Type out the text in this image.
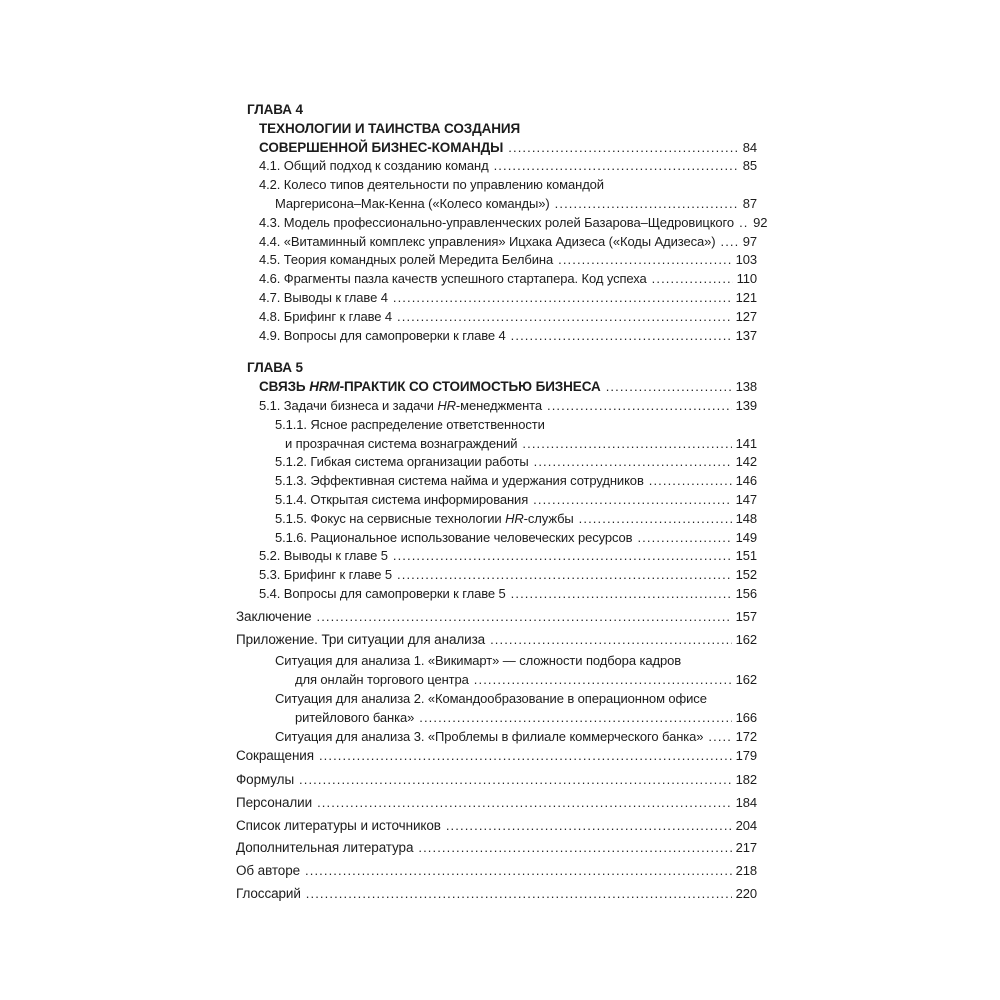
ГЛАВА 4
ТЕХНОЛОГИИ И ТАИНСТВА СОЗДАНИЯ
СОВЕРШЕННОЙ БИЗНЕС-КОМАНДЫ .....	84
4.1. Общий подход к созданию команд .....	85
4.2. Колесо типов деятельности по управлению командой
Маргерисона–Мак-Кенна («Колесо команды») .....	87
4.3. Модель профессионально-управленческих ролей Базарова–Щедровицкого ..... 92
4.4. «Витаминный комплекс управления» Ицхака Адизеса («Коды Адизеса») ..... 97
4.5. Теория командных ролей Мередита Белбина .....	103
4.6. Фрагменты пазла качеств успешного стартапера. Код успеха .....	110
4.7. Выводы к главе 4 .....	121
4.8. Брифинг к главе 4 .....	127
4.9. Вопросы для самопроверки к главе 4 .....	137
ГЛАВА 5
СВЯЗЬ HRM-ПРАКТИК СО СТОИМОСТЬЮ БИЗНЕСА .....	138
5.1. Задачи бизнеса и задачи HR-менеджмента .....	139
5.1.1. Ясное распределение ответственности
и прозрачная система вознаграждений .....	141
5.1.2. Гибкая система организации работы .....	142
5.1.3. Эффективная система найма и удержания сотрудников .....	146
5.1.4. Открытая система информирования .....	147
5.1.5. Фокус на сервисные технологии HR-службы .....	148
5.1.6. Рациональное использование человеческих ресурсов .....	149
5.2. Выводы к главе 5 .....	151
5.3. Брифинг к главе 5 .....	152
5.4. Вопросы для самопроверки к главе 5 .....	156
Заключение .....	157
Приложение. Три ситуации для анализа .....	162
Ситуация для анализа 1. «Викимарт» — сложности подбора кадров
для онлайн торгового центра .....	162
Ситуация для анализа 2. «Командообразование в операционном офисе
ритейлового банка» .....	166
Ситуация для анализа 3. «Проблемы в филиале коммерческого банка» ..... 172
Сокращения .....	179
Формулы .....	182
Персоналии .....	184
Список литературы и источников .....	204
Дополнительная литература .....	217
Об авторе .....	218
Глоссарий .....	220
